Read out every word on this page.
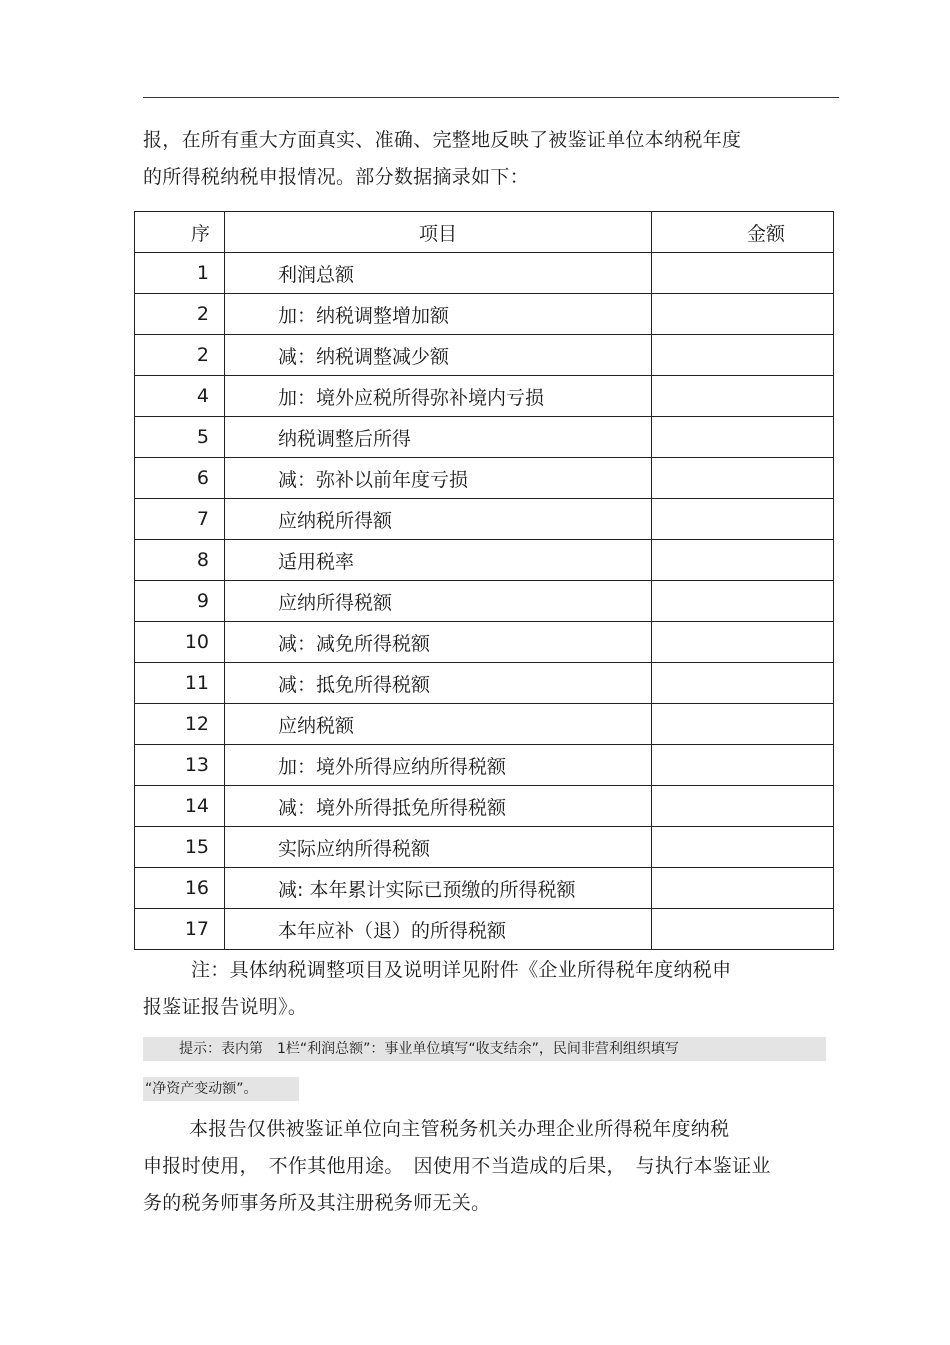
报，在所有重大方面真实、准确、完整地反映了被鉴证单位本纳税年度
的所得税纳税申报情况。部分数据摘录如下：
序	项目	金额
1	利润总额	
2	加：纳税调整增加额	
2	减：纳税调整减少额	
4	加：境外应税所得弥补境内亏损	
5	纳税调整后所得	
6	减：弥补以前年度亏损	
7	应纳税所得额	
8	适用税率	
9	应纳所得税额	
10	减：减免所得税额	
11	减：抵免所得税额	
12	应纳税额	
13	加：境外所得应纳所得税额	
14	减：境外所得抵免所得税额	
15	实际应纳所得税额	
16	减: 本年累计实际已预缴的所得税额	
17	本年应补（退）的所得税额	
注：具体纳税调整项目及说明详见附件《企业所得税年度纳税申
报鉴证报告说明》。
提示：表内第　1栏“利润总额”：事业单位填写“收支结余”，民间非营利组织填写
“净资产变动额”。
本报告仅供被鉴证单位向主管税务机关办理企业所得税年度纳税
申报时使用，　不作其他用途。　因使用不当造成的后果，　与执行本鉴证业
务的税务师事务所及其注册税务师无关。
